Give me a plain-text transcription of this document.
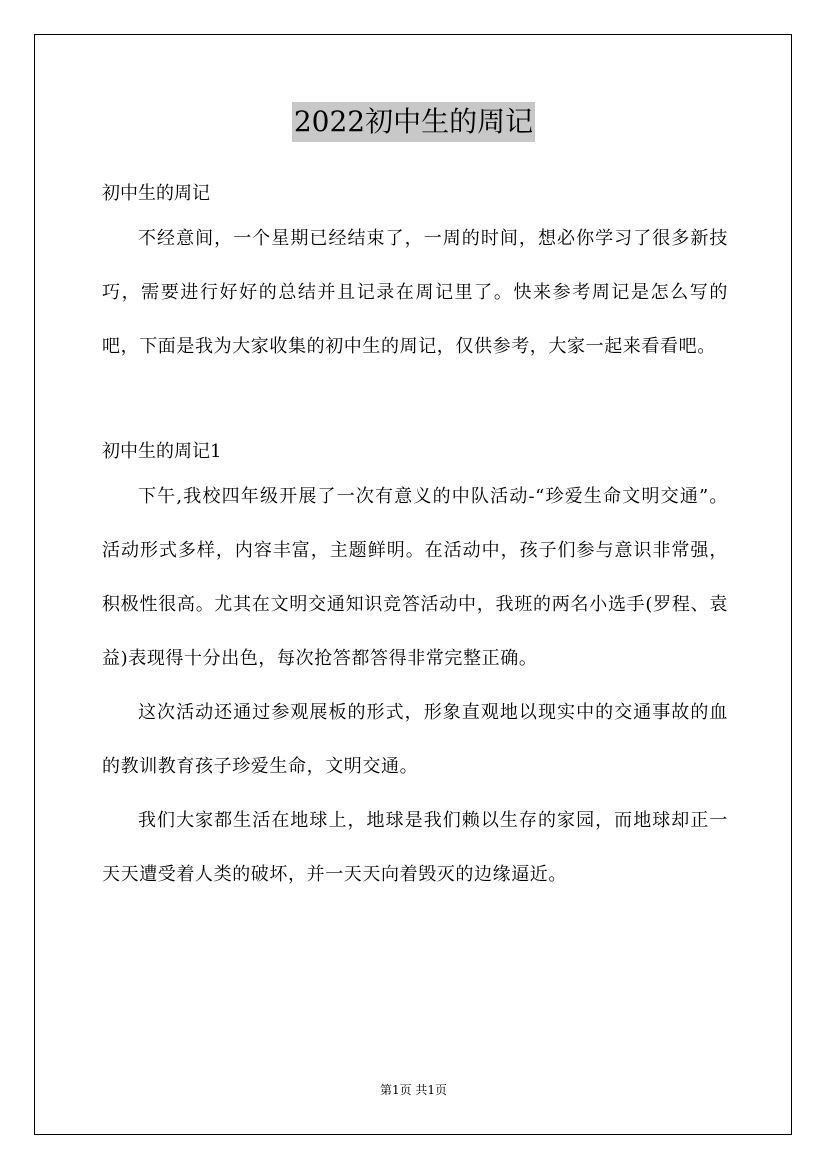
2022初中生的周记

初中生的周记

不经意间，一个星期已经结束了，一周的时间，想必你学习了很多新技巧，需要进行好好的总结并且记录在周记里了。快来参考周记是怎么写的吧，下面是我为大家收集的初中生的周记，仅供参考，大家一起来看看吧。

初中生的周记1

下午,我校四年级开展了一次有意义的中队活动-“珍爱生命文明交通”。活动形式多样，内容丰富，主题鲜明。在活动中，孩子们参与意识非常强，积极性很高。尤其在文明交通知识竞答活动中，我班的两名小选手(罗程、袁益)表现得十分出色，每次抢答都答得非常完整正确。

这次活动还通过参观展板的形式，形象直观地以现实中的交通事故的血的教训教育孩子珍爱生命，文明交通。

我们大家都生活在地球上，地球是我们赖以生存的家园，而地球却正一天天遭受着人类的破坏，并一天天向着毁灭的边缘逼近。

第1页 共1页
